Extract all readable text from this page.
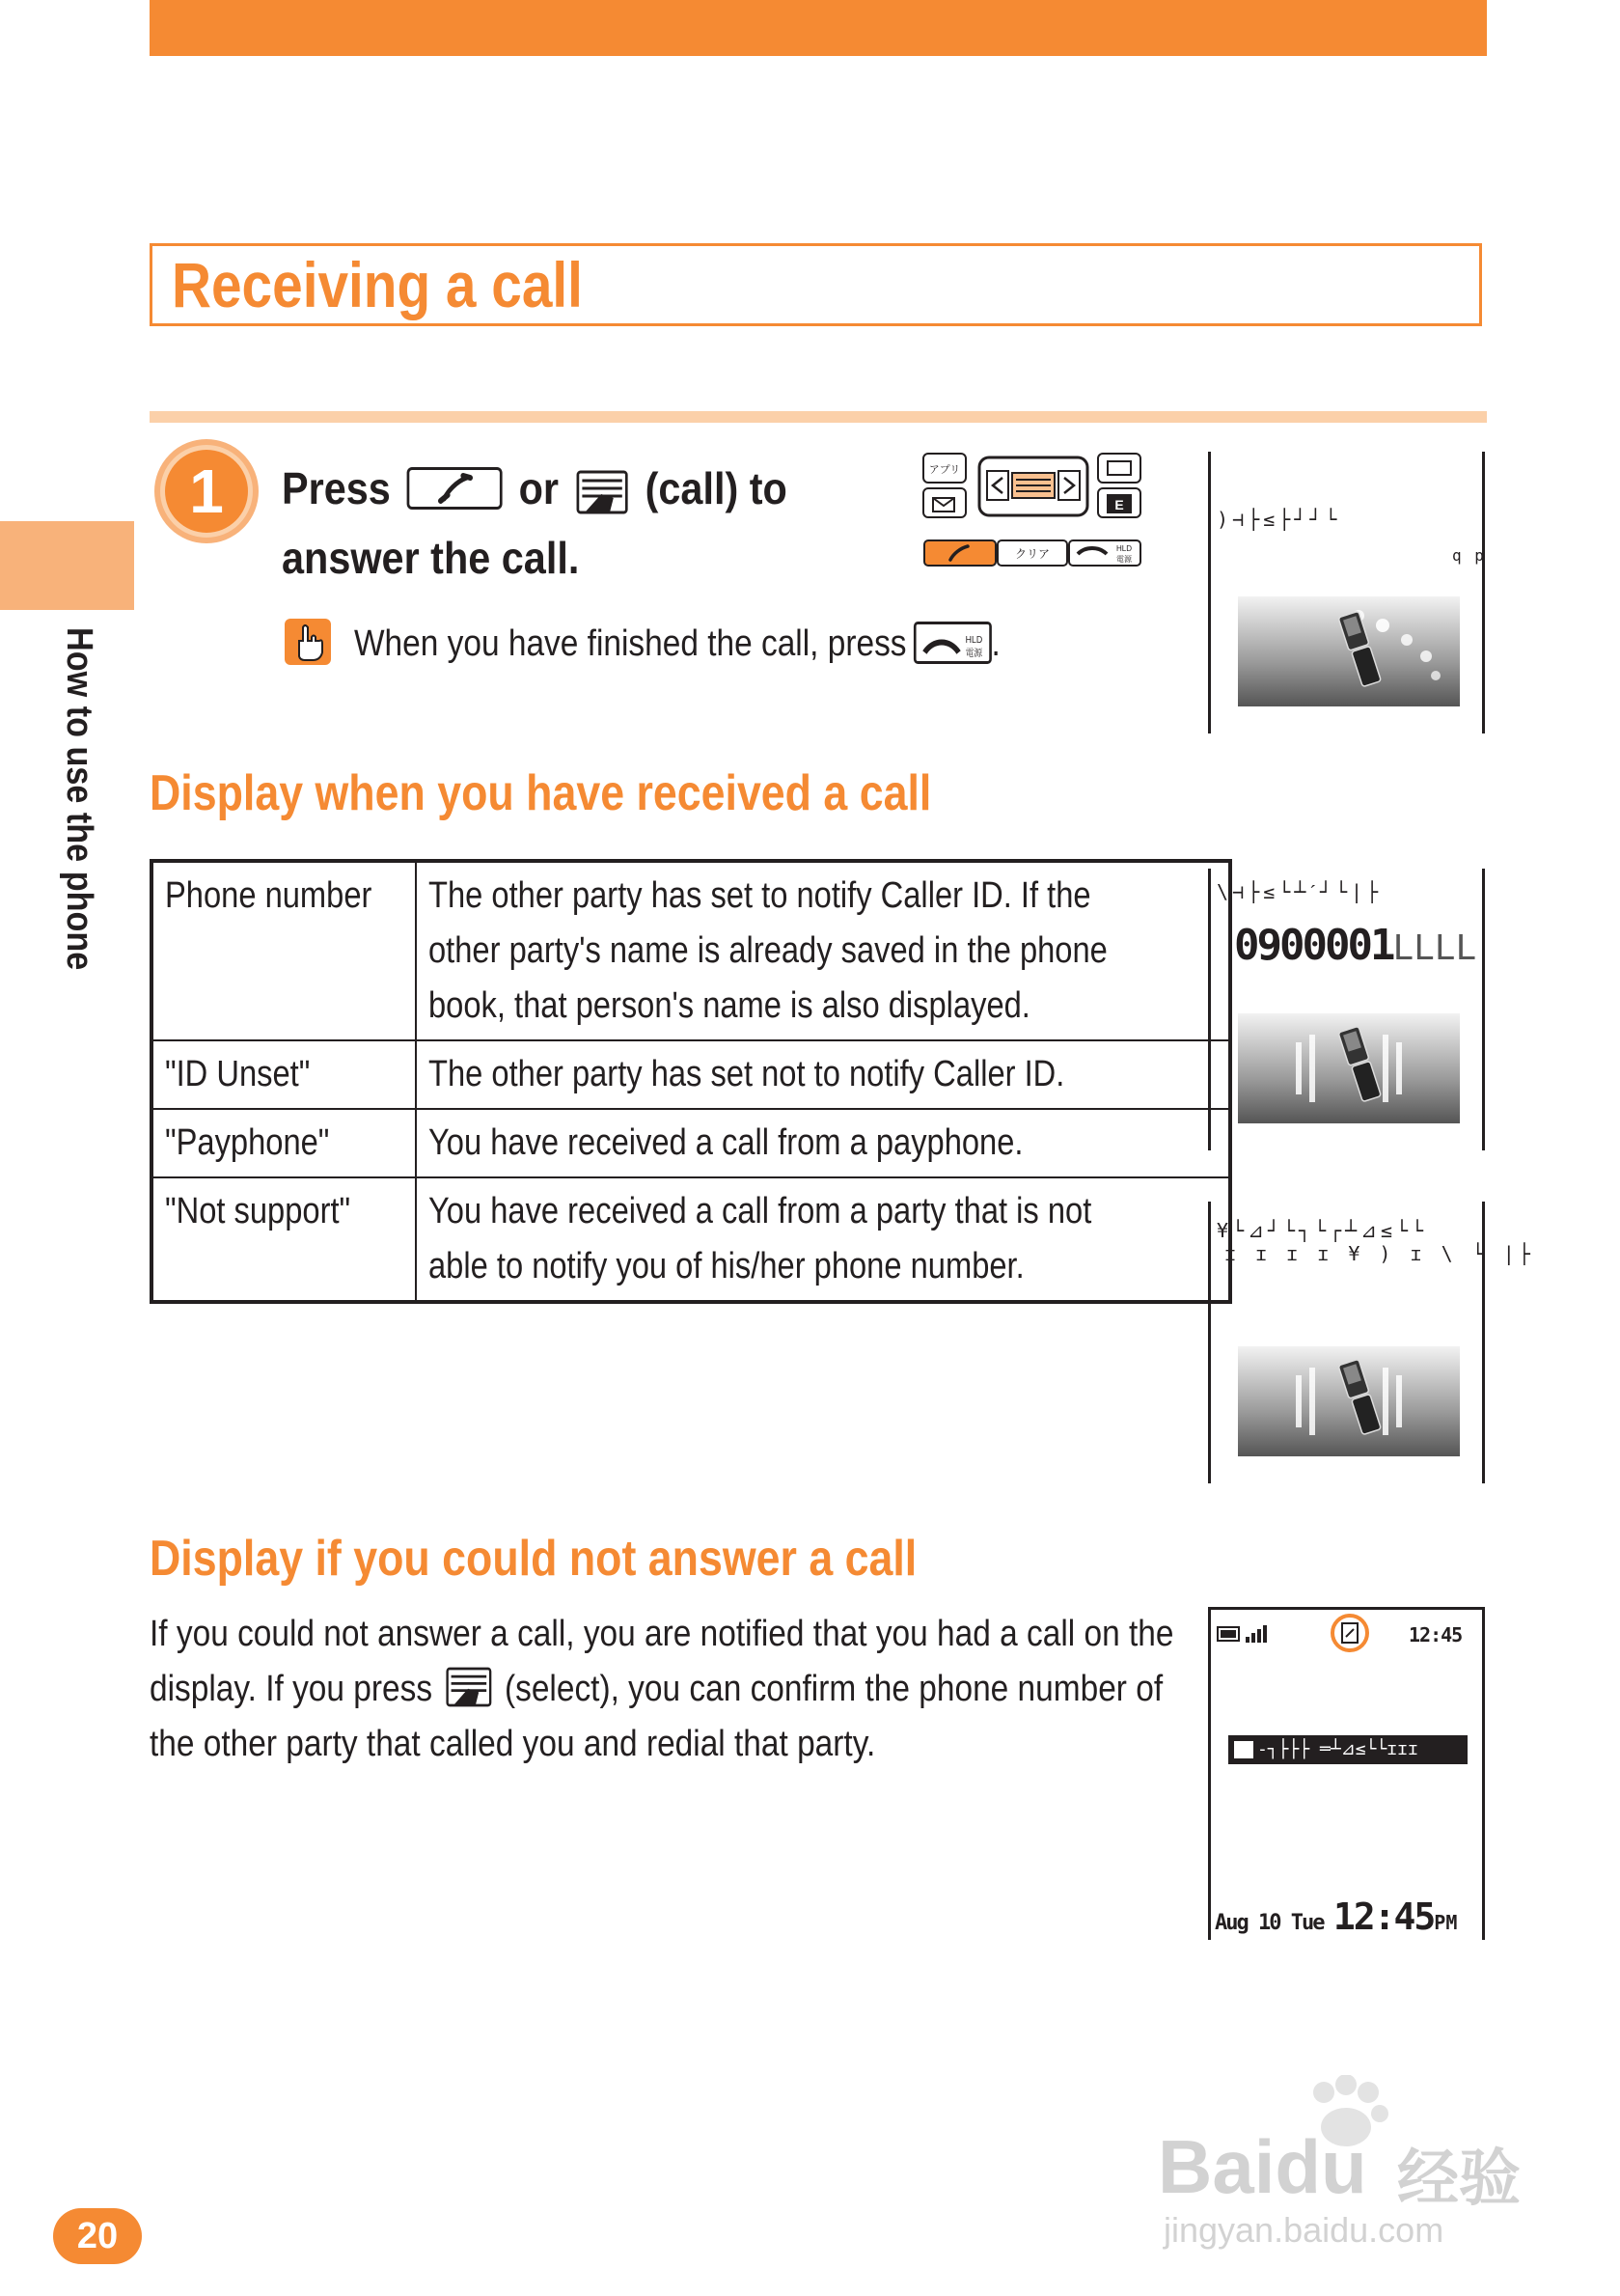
Receiving a call
How to use the phone
1	Press	or (call) to
answer the call.
アプリ
E
クリア	HLD
電源
When you have finished the call, press	HLD
電源 .
)⊣├≤├┘┘└
q p
Display when you have received a call
Phone number	The other party has set to notify Caller ID. If the
other party's name is already saved in the phone
book, that person's name is also displayed.
"ID Unset"	The other party has set not to notify Caller ID.
"Payphone"	You have received a call from a payphone.
"Not support"	You have received a call from a party that is not
able to notify you of his/her phone number.
\⊣├≤└┴ˊ┘└|├
0900001LLLL
¥└⊿┘└┐└┌┴⊿≤└└
ɪ ɪ ɪ ɪ ¥ ) ɪ \ └ |├
Display if you could not answer a call
If you could not answer a call, you are notified that you had a call on the
display. If you press (select), you can confirm the phone number of
the other party that called you and redial that party.
12:45
-┐├├├ ═┴⊿≤└└ɪɪɪ
Aug 10 Tue 12:45PM
20
Baidu 经验
jingyan.baidu.com
